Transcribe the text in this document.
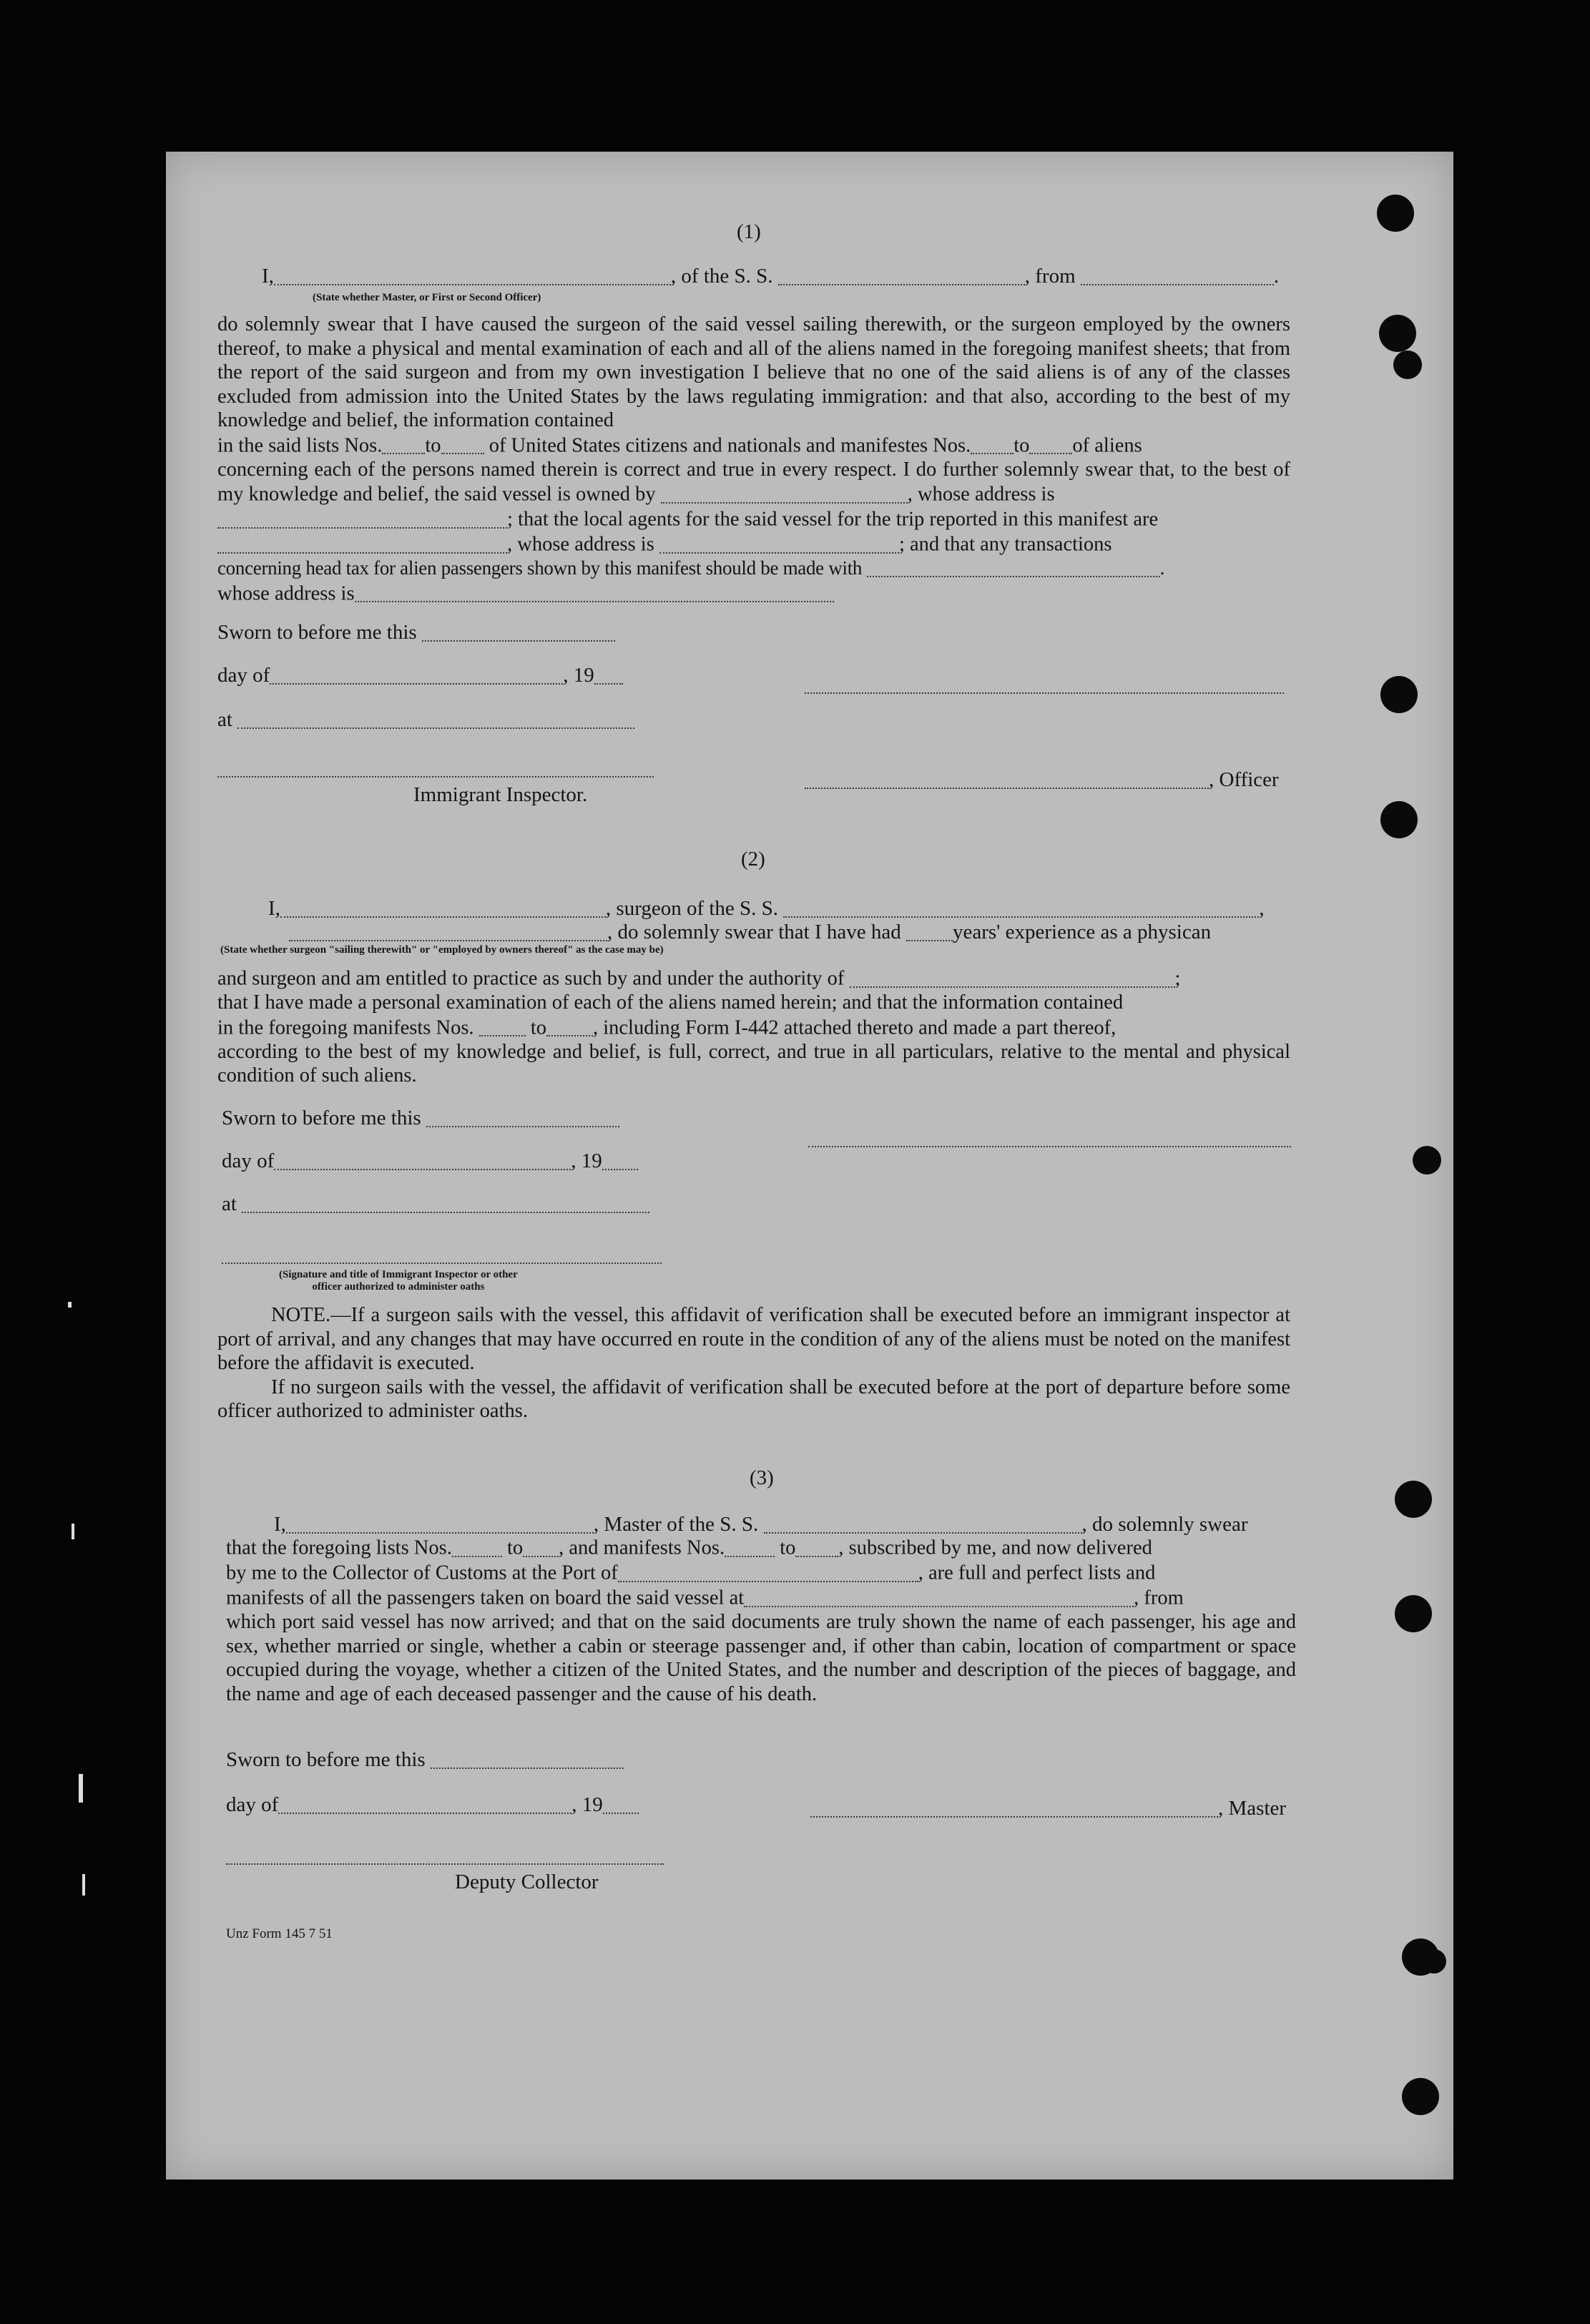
(1)
I,	, of the S. S.	, from	.
(State whether Master, or First or Second Officer)

do solemnly swear that I have caused the surgeon of the said vessel sailing therewith, or the surgeon employed by the owners thereof, to make a physical and mental examination of each and all of the aliens named in the foregoing manifest sheets; that from the report of the said surgeon and from my own investigation I believe that no one of the said aliens is of any of the classes excluded from admission into the United States by the laws regulating immigration: and that also, according to the best of my knowledge and belief, the information contained

in the said lists Nos. to of United States citizens and nationals and manifestes Nos. to of aliens

concerning each of the persons named therein is correct and true in every respect. I do further solemnly swear that, to the best of my knowledge and belief, the said vessel is owned by	, whose address is

; that the local agents for the said vessel for the trip reported in this manifest are

, whose address is	; and that any transactions

concerning head tax for alien passengers shown by this manifest should be made with	.

whose address is

Sworn to before me this
day of	, 19
at
, Officer
Immigrant Inspector.
(2)
I,	, surgeon of the S. S.	,
, do solemnly swear that I have had years' experience as a physican
(State whether surgeon "sailing therewith" or "employed by owners thereof" as the case may be)

and surgeon and am entitled to practice as such by and under the authority of	;

that I have made a personal examination of each of the aliens named herein; and that the information contained

in the foregoing manifests Nos.	to , including Form I-442 attached thereto and made a part thereof,

according to the best of my knowledge and belief, is full, correct, and true in all particulars, relative to the mental and physical condition of such aliens.

Sworn to before me this
day of	, 19
at
(Signature and title of Immigrant Inspector or other
officer authorized to administer oaths

NOTE.—If a surgeon sails with the vessel, this affidavit of verification shall be executed before an immigrant inspector at port of arrival, and any changes that may have occurred en route in the condition of any of the aliens must be noted on the manifest before the affidavit is executed.

If no surgeon sails with the vessel, the affidavit of verification shall be executed before at the port of departure before some officer authorized to administer oaths.

(3)
I,	, Master of the S. S.	, do solemnly swear

that the foregoing lists Nos.	to , and manifests Nos.	to , subscribed by me, and now delivered

by me to the Collector of Customs at the Port of	, are full and perfect lists and

manifests of all the passengers taken on board the said vessel at	, from

which port said vessel has now arrived; and that on the said documents are truly shown the name of each passenger, his age and sex, whether married or single, whether a cabin or steerage passenger and, if other than cabin, location of compartment or space occupied during the voyage, whether a citizen of the United States, and the number and description of the pieces of baggage, and the name and age of each deceased passenger and the cause of his death.

Sworn to before me this
day of	, 19	, Master
Deputy Collector
Unz Form 145 7 51
